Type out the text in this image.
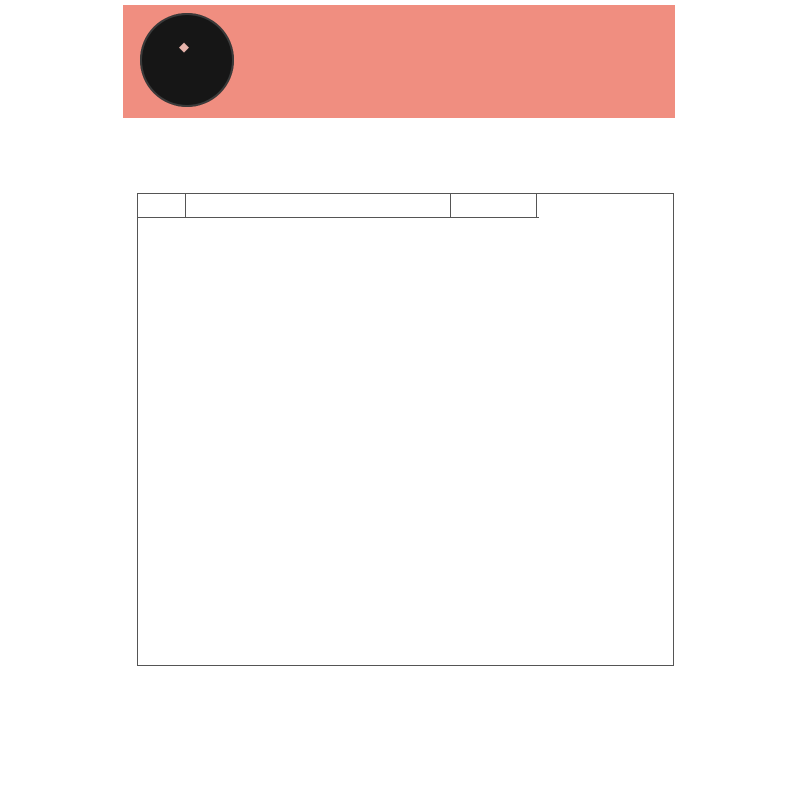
◆
